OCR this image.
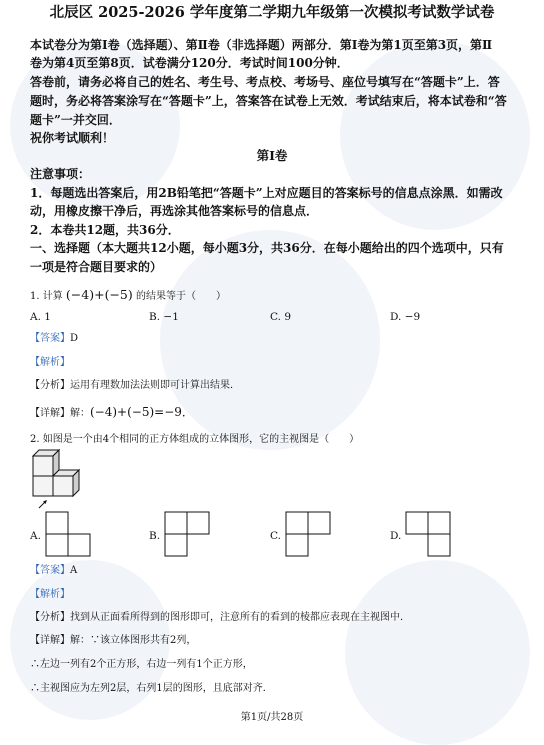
北辰区 2025-2026 学年度第二学期九年级第一次模拟考试数学试卷
本试卷分为第Ⅰ卷（选择题）、第Ⅱ卷（非选择题）两部分．第Ⅰ卷为第1页至第3页，第Ⅱ
卷为第4页至第8页．试卷满分120分．考试时间100分钟．
答卷前，请务必将自己的姓名、考生号、考点校、考场号、座位号填写在“答题卡”上．答
题时，务必将答案涂写在“答题卡”上，答案答在试卷上无效．考试结束后，将本试卷和“答
题卡”一并交回．
祝你考试顺利！
第Ⅰ卷
注意事项：
1．每题选出答案后，用2B铅笔把“答题卡”上对应题目的答案标号的信息点涂黑．如需改
动，用橡皮擦干净后，再选涂其他答案标号的信息点．
2．本卷共12题，共36分．
一、选择题（本大题共12小题，每小题3分，共36分．在每小题给出的四个选项中，只有
一项是符合题目要求的）
1. 计算 (−4)+(−5) 的结果等于（　　）
A. 1	B. −1	C. 9	D. −9
【答案】D
【解析】
【分析】运用有理数加法法则即可计算出结果．
【详解】解：(−4)+(−5)=−9．
2. 如图是一个由4个相同的正方体组成的立体图形，它的主视图是（　　）
A.	B.	C.	D.
【答案】A
【解析】
【分析】找到从正面看所得到的图形即可，注意所有的看到的棱都应表现在主视图中．
【详解】解：∵该立体图形共有2列，
∴左边一列有2个正方形，右边一列有1个正方形，
∴主视图应为左列2层，右列1层的图形，且底部对齐．
第1页/共28页
